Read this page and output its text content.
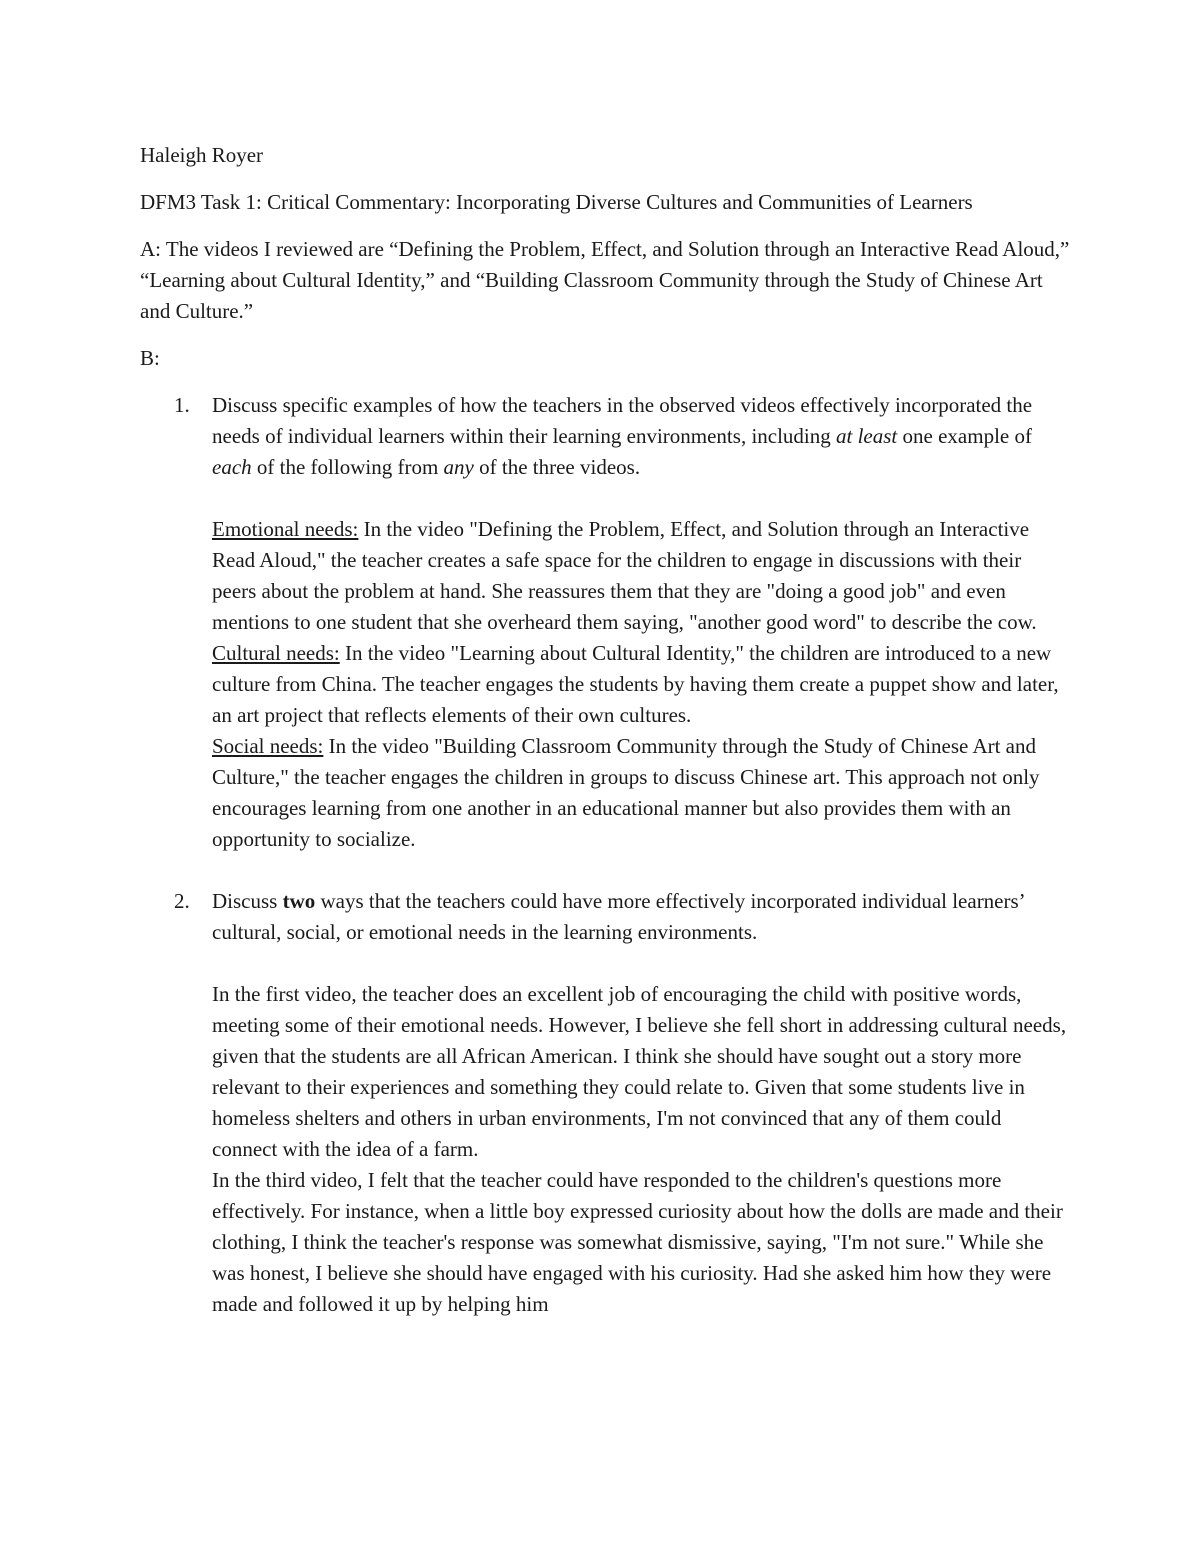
Haleigh Royer

DFM3 Task 1: Critical Commentary: Incorporating Diverse Cultures and Communities of Learners

A: The videos I reviewed are “Defining the Problem, Effect, and Solution through an Interactive Read Aloud,” “Learning about Cultural Identity,” and “Building Classroom Community through the Study of Chinese Art and Culture.”

B:

1. Discuss specific examples of how the teachers in the observed videos effectively incorporated the needs of individual learners within their learning environments, including at least one example of each of the following from any of the three videos.

Emotional needs: In the video "Defining the Problem, Effect, and Solution through an Interactive Read Aloud," the teacher creates a safe space for the children to engage in discussions with their peers about the problem at hand. She reassures them that they are "doing a good job" and even mentions to one student that she overheard them saying, "another good word" to describe the cow.

Cultural needs: In the video "Learning about Cultural Identity," the children are introduced to a new culture from China. The teacher engages the students by having them create a puppet show and later, an art project that reflects elements of their own cultures.

Social needs: In the video "Building Classroom Community through the Study of Chinese Art and Culture," the teacher engages the children in groups to discuss Chinese art. This approach not only encourages learning from one another in an educational manner but also provides them with an opportunity to socialize.

2. Discuss two ways that the teachers could have more effectively incorporated individual learners’ cultural, social, or emotional needs in the learning environments.

In the first video, the teacher does an excellent job of encouraging the child with positive words, meeting some of their emotional needs. However, I believe she fell short in addressing cultural needs, given that the students are all African American. I think she should have sought out a story more relevant to their experiences and something they could relate to. Given that some students live in homeless shelters and others in urban environments, I'm not convinced that any of them could connect with the idea of a farm.

In the third video, I felt that the teacher could have responded to the children's questions more effectively. For instance, when a little boy expressed curiosity about how the dolls are made and their clothing, I think the teacher's response was somewhat dismissive, saying, "I'm not sure." While she was honest, I believe she should have engaged with his curiosity. Had she asked him how they were made and followed it up by helping him
